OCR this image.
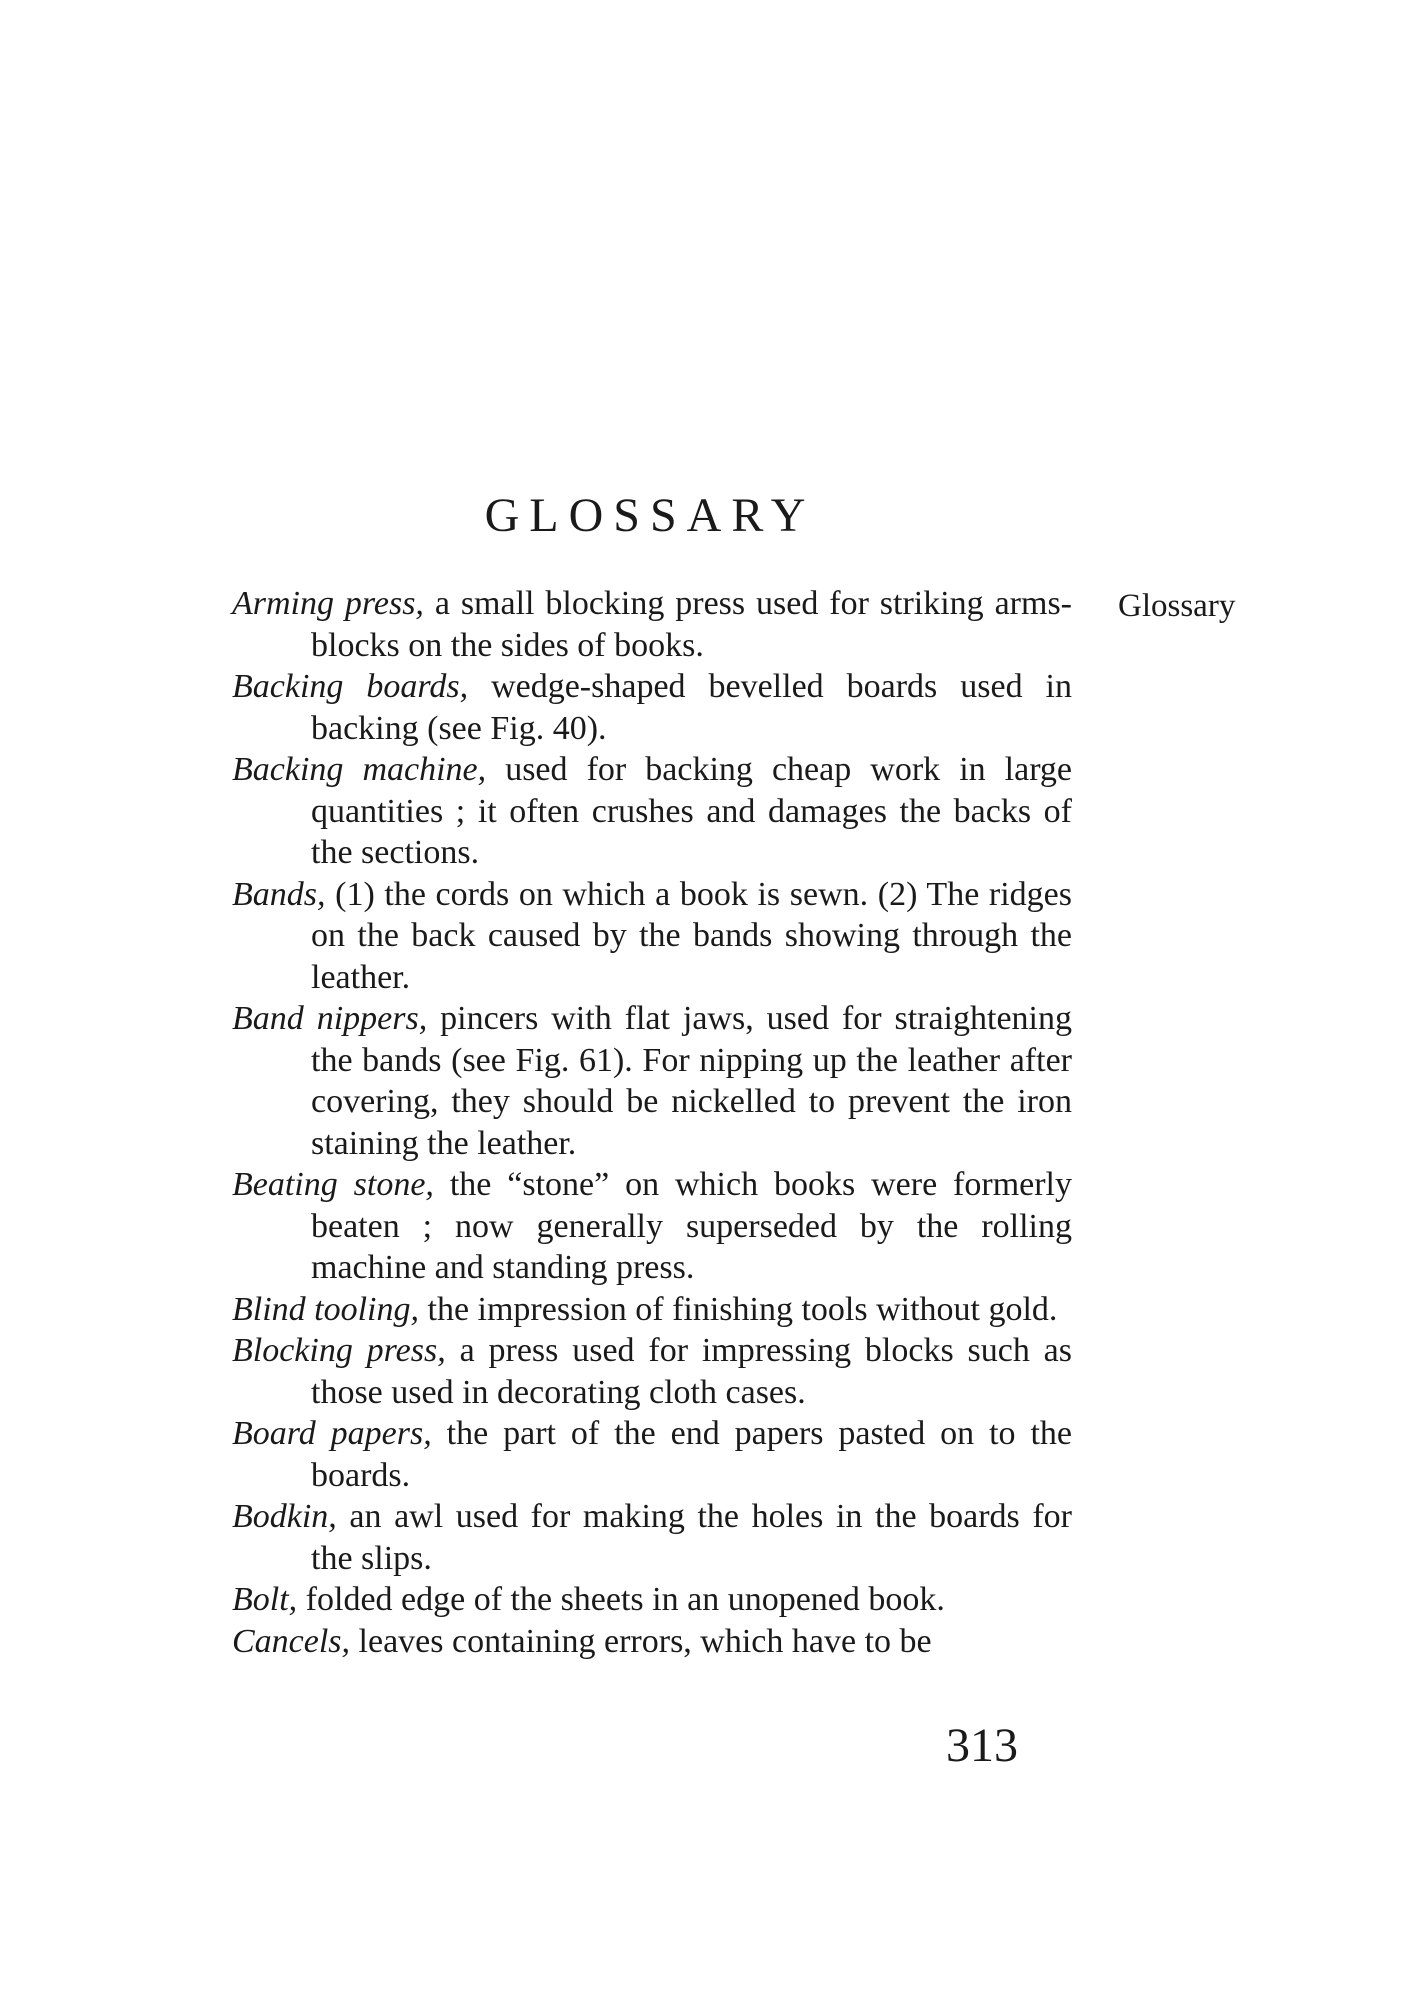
GLOSSARY
Glossary

Arming press, a small blocking press used for striking arms-blocks on the sides of books.

Backing boards, wedge-shaped bevelled boards used in backing (see Fig. 40).

Backing machine, used for backing cheap work in large quantities ; it often crushes and damages the backs of the sections.

Bands, (1) the cords on which a book is sewn. (2) The ridges on the back caused by the bands showing through the leather.

Band nippers, pincers with flat jaws, used for straightening the bands (see Fig. 61). For nipping up the leather after covering, they should be nickelled to prevent the iron staining the leather.

Beating stone, the “stone” on which books were formerly beaten ; now generally superseded by the rolling machine and standing press.

Blind tooling, the impression of finishing tools without gold.

Blocking press, a press used for impressing blocks such as those used in decorating cloth cases.

Board papers, the part of the end papers pasted on to the boards.

Bodkin, an awl used for making the holes in the boards for the slips.

Bolt, folded edge of the sheets in an unopened book.

Cancels, leaves containing errors, which have to be

313
